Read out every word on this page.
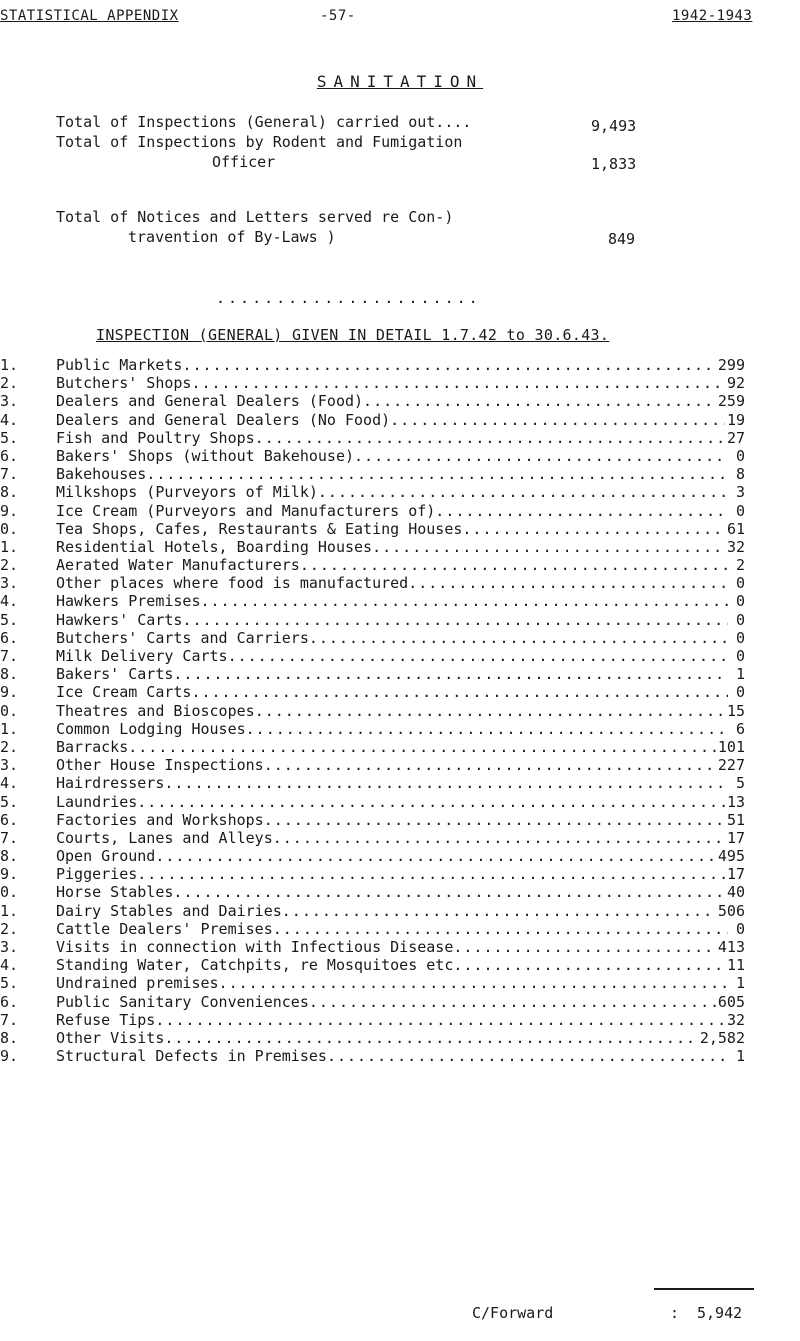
STATISTICAL APPENDIX	-57-	1942-1943
SANITATION
Total of Inspections (General) carried out....	9,493
Total of Inspections by Rodent and Fumigation
Officer	1,833
Total of Notices and Letters served re Con-)
travention of By-Laws )	849
......................
INSPECTION (GENERAL) GIVEN IN DETAIL 1.7.42 to 30.6.43.
1.	Public Markets .....	299
2.	Butchers' Shops .....	92
3.	Dealers and General Dealers (Food) .....	259
4.	Dealers and General Dealers (No Food) .....	19
5.	Fish and Poultry Shops .....	27
6.	Bakers' Shops (without Bakehouse) .....	0
7.	Bakehouses .....	8
8.	Milkshops (Purveyors of Milk) .....	3
9.	Ice Cream (Purveyors and Manufacturers of) .....	0
0.	Tea Shops, Cafes, Restaurants & Eating Houses .....	61
1.	Residential Hotels, Boarding Houses .....	32
2.	Aerated Water Manufacturers .....	2
3.	Other places where food is manufactured .....	0
4.	Hawkers Premises .....	0
5.	Hawkers' Carts .....	0
6.	Butchers' Carts and Carriers .....	0
7.	Milk Delivery Carts .....	0
8.	Bakers' Carts .....	1
9.	Ice Cream Carts .....	0
0.	Theatres and Bioscopes .....	15
1.	Common Lodging Houses .....	6
2.	Barracks .....	101
3.	Other House Inspections .....	227
4.	Hairdressers .....	5
5.	Laundries .....	13
6.	Factories and Workshops .....	51
7.	Courts, Lanes and Alleys .....	17
8.	Open Ground .....	495
9.	Piggeries .....	17
0.	Horse Stables .....	40
1.	Dairy Stables and Dairies .....	506
2.	Cattle Dealers' Premises .....	0
3.	Visits in connection with Infectious Disease .....	413
4.	Standing Water, Catchpits, re Mosquitoes etc .....	11
5.	Undrained premises .....	1
6.	Public Sanitary Conveniences .....	605
7.	Refuse Tips .....	32
8.	Other Visits .....	2,582
9.	Structural Defects in Premises .....	1
C/Forward	: 5,942
